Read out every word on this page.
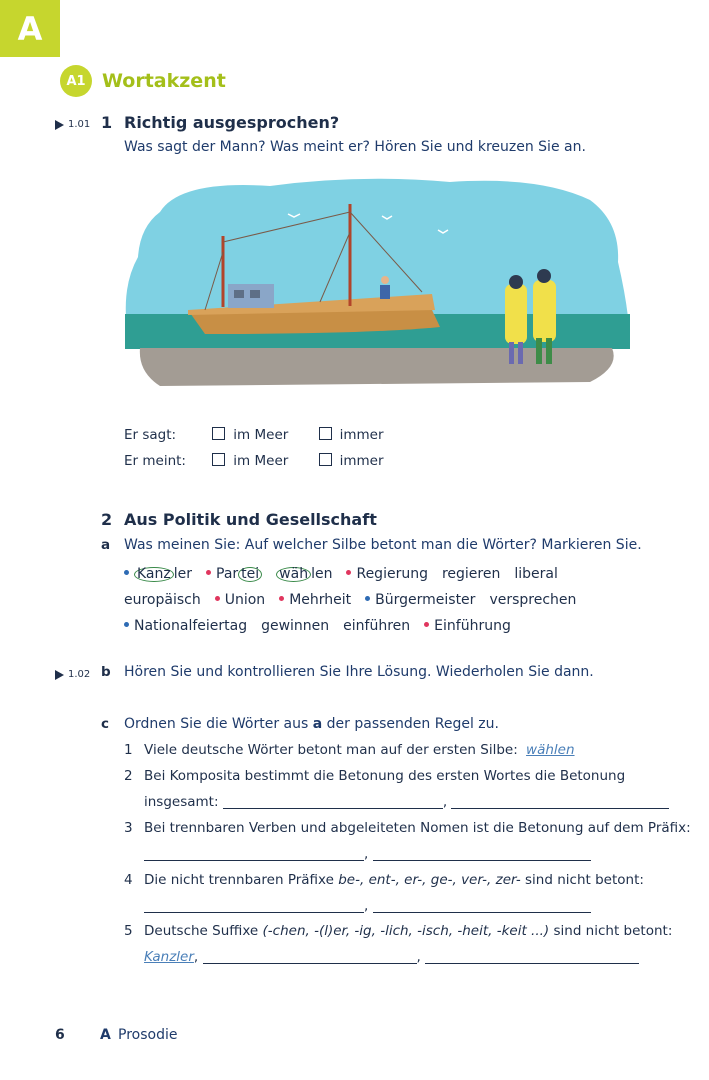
A
A1 Wortakzent
1.01 1 Richtig ausgesprochen?
Was sagt der Mann? Was meint er? Hören Sie und kreuzen Sie an.
Er sagt:	im Meer	immer
Er meint:	im Meer	immer
2 Aus Politik und Gesellschaft
a Was meinen Sie: Auf welcher Silbe betont man die Wörter? Markieren Sie.
Kanz ler Par tei wäh len Regierung regieren liberal
europäisch Union Mehrheit Bürgermeister versprechen
Nationalfeiertag gewinnen einführen Einführung
1.02 b Hören Sie und kontrollieren Sie Ihre Lösung. Wiederholen Sie dann.
c Ordnen Sie die Wörter aus a der passenden Regel zu.
1 Viele deutsche Wörter betont man auf der ersten Silbe: wählen
2 Bei Komposita bestimmt die Betonung des ersten Wortes die Betonung
insgesamt:	,
3 Bei trennbaren Verben und abgeleiteten Nomen ist die Betonung auf dem Präfix:
,
4 Die nicht trennbaren Präfixe be-, ent-, er-, ge-, ver-, zer- sind nicht betont:
,
5 Deutsche Suffixe (-chen, -(l)er, -ig, -lich, -isch, -heit, -keit ...) sind nicht betont:
Kanzler,	,
6	A Prosodie
